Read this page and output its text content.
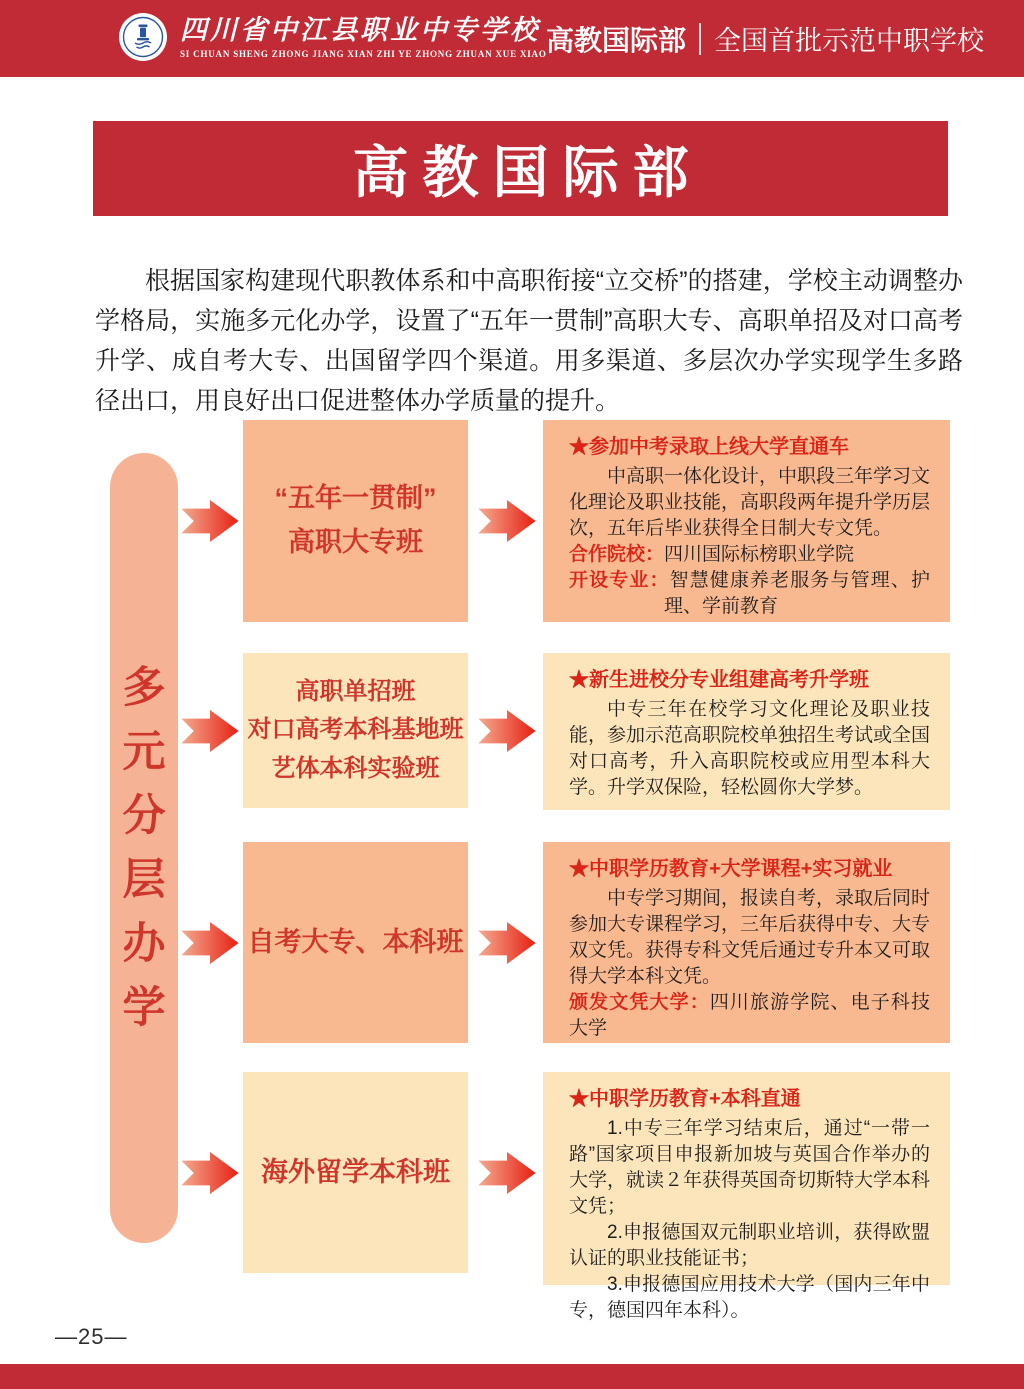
四川省中江县职业中专学校
SI CHUAN SHENG ZHONG JIANG XIAN ZHI YE ZHONG ZHUAN XUE XIAO 高教国际部 全国首批示范中职学校
高教国际部

根据国家构建现代职教体系和中高职衔接“立交桥”的搭建，学校主动调整办学格局，实施多元化办学，设置了“五年一贯制”高职大专、高职单招及对口高考升学、成自考大专、出国留学四个渠道。用多渠道、多层次办学实现学生多路径出口，用良好出口促进整体办学质量的提升。

多
元
分
层
办
学
“五年一贯制”
高职大专班
★参加中考录取上线大学直通车

中高职一体化设计，中职段三年学习文化理论及职业技能，高职段两年提升学历层次，五年后毕业获得全日制大专文凭。

合作院校：四川国际标榜职业学院

开设专业：智慧健康养老服务与管理、护理、学前教育

高职单招班
对口高考本科基地班
艺体本科实验班
★新生进校分专业组建高考升学班

中专三年在校学习文化理论及职业技能，参加示范高职院校单独招生考试或全国对口高考，升入高职院校或应用型本科大学。升学双保险，轻松圆你大学梦。

自考大专、本科班
★中职学历教育+大学课程+实习就业

中专学习期间，报读自考，录取后同时参加大专课程学习，三年后获得中专、大专双文凭。获得专科文凭后通过专升本又可取得大学本科文凭。

颁发文凭大学：四川旅游学院、电子科技大学

海外留学本科班
★中职学历教育+本科直通

1.中专三年学习结束后，通过“一带一路”国家项目申报新加坡与英国合作举办的大学，就读２年获得英国奇切斯特大学本科文凭；

2.申报德国双元制职业培训，获得欧盟认证的职业技能证书；

3.申报德国应用技术大学（国内三年中专，德国四年本科）。

—25—
